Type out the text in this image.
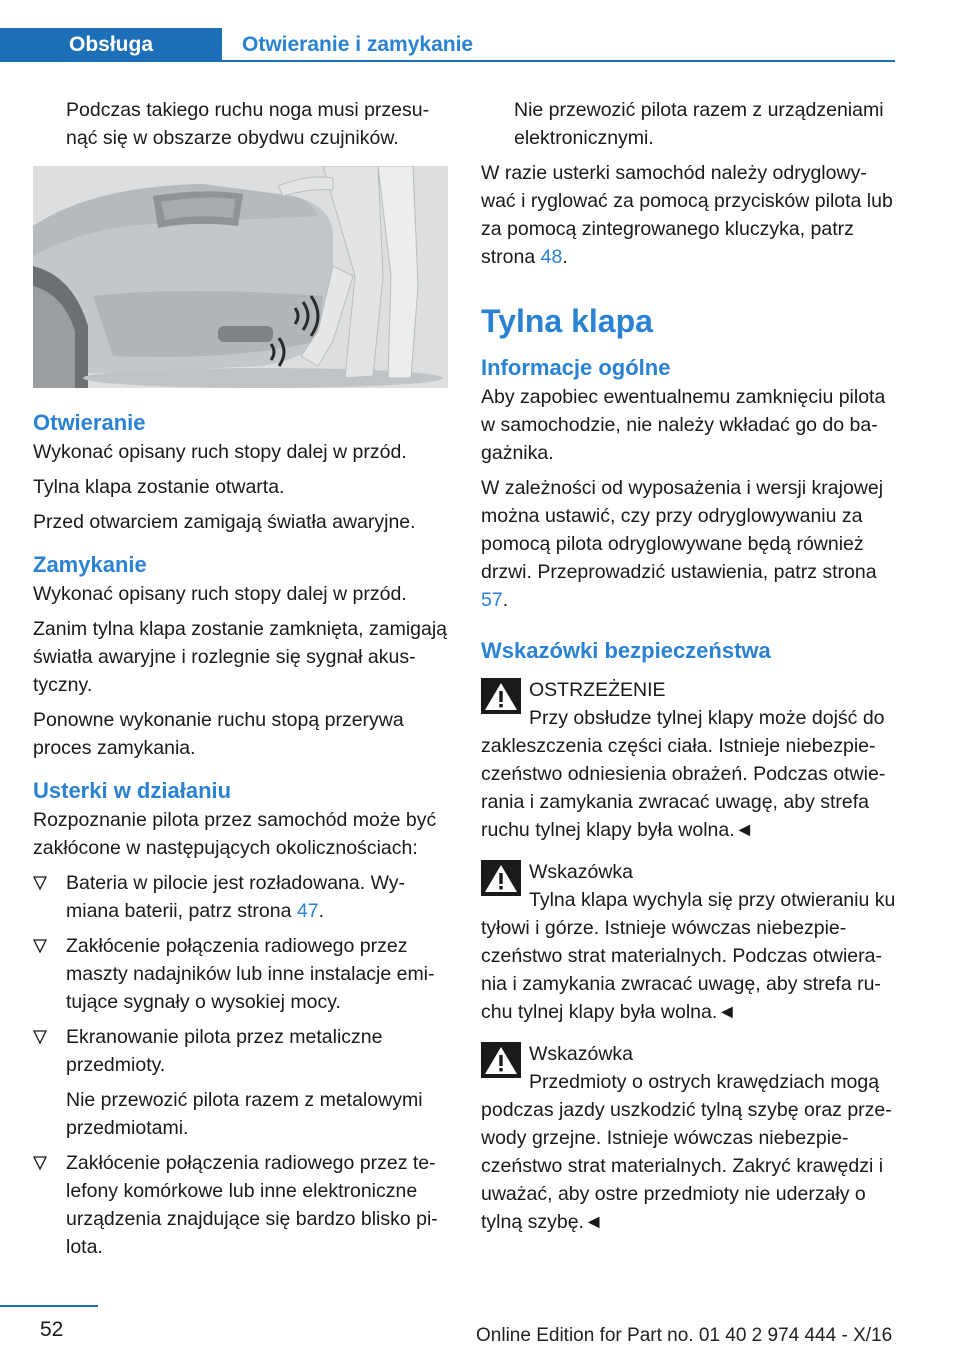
Obsługa	Otwieranie i zamykanie

Podczas takiego ruchu noga musi przesu‐nąć się w obszarze obydwu czujników.

Otwieranie

Wykonać opisany ruch stopy dalej w przód.

Tylna klapa zostanie otwarta.

Przed otwarciem zamigają światła awaryjne.

Zamykanie

Wykonać opisany ruch stopy dalej w przód.

Zanim tylna klapa zostanie zamknięta, zamigają światła awaryjne i rozlegnie się sygnał akus‐tyczny.

Ponowne wykonanie ruchu stopą przerywa proces zamykania.

Usterki w działaniu

Rozpoznanie pilota przez samochód może być zakłócone w następujących okolicznościach:

Bateria w pilocie jest rozładowana. Wy‐miana baterii, patrz strona 47.
Zakłócenie połączenia radiowego przez maszty nadajników lub inne instalacje emi‐tujące sygnały o wysokiej mocy.
Ekranowanie pilota przez metaliczne przedmioty.
Nie przewozić pilota razem z metalowymi przedmiotami.
Zakłócenie połączenia radiowego przez te‐lefony komórkowe lub inne elektroniczne urządzenia znajdujące się bardzo blisko pi‐lota.

Nie przewozić pilota razem z urządzeniami elektronicznymi.

W razie usterki samochód należy odryglowy‐wać i ryglować za pomocą przycisków pilota lub za pomocą zintegrowanego kluczyka, patrz strona 48.

Tylna klapa
Informacje ogólne

Aby zapobiec ewentualnemu zamknięciu pilota w samochodzie, nie należy wkładać go do ba‐gażnika.

W zależności od wyposażenia i wersji krajowej można ustawić, czy przy odryglowywaniu za pomocą pilota odryglowywane będą również drzwi. Przeprowadzić ustawienia, patrz strona 57.

Wskazówki bezpieczeństwa
OSTRZEŻENIE
Przy obsłudze tylnej klapy może dojść do zakleszczenia części ciała. Istnieje niebezpie‐czeństwo odniesienia obrażeń. Podczas otwie‐rania i zamykania zwracać uwagę, aby strefa ruchu tylnej klapy była wolna.◄
Wskazówka
Tylna klapa wychyla się przy otwieraniu ku tyłowi i górze. Istnieje wówczas niebezpie‐czeństwo strat materialnych. Podczas otwiera‐nia i zamykania zwracać uwagę, aby strefa ru‐chu tylnej klapy była wolna.◄
Wskazówka
Przedmioty o ostrych krawędziach mogą podczas jazdy uszkodzić tylną szybę oraz prze‐wody grzejne. Istnieje wówczas niebezpie‐czeństwo strat materialnych. Zakryć krawędzi i uważać, aby ostre przedmioty nie uderzały o tylną szybę.◄
52	Online Edition for Part no. 01 40 2 974 444 - X/16
